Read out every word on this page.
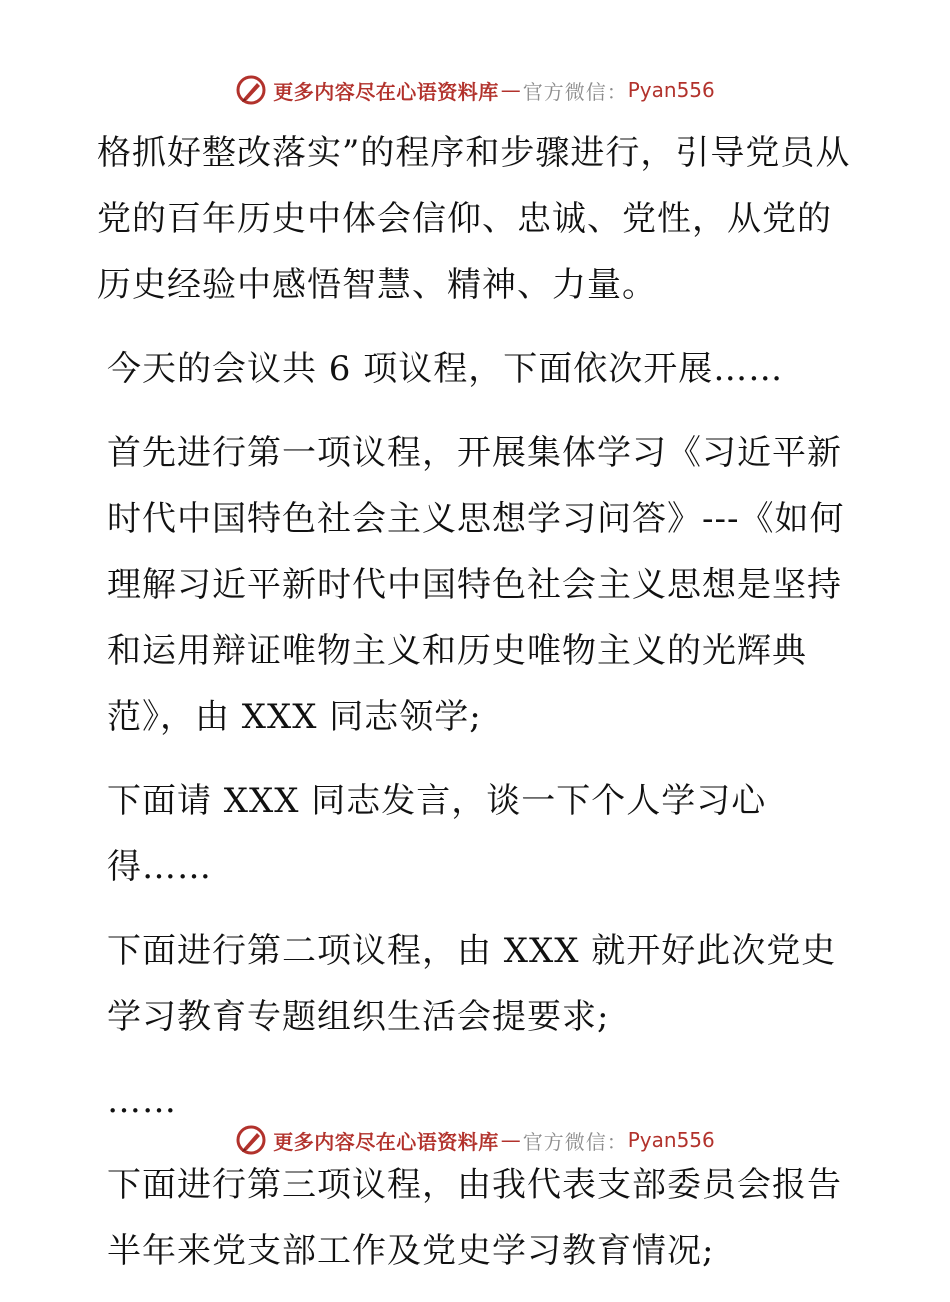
更多内容尽在心语资料库 — 官方微信： Pyan556

格抓好整改落实”的程序和步骤进行，引导党员从党的百年历史中体会信仰、忠诚、党性，从党的历史经验中感悟智慧、精神、力量。

今天的会议共 6 项议程，下面依次开展……

首先进行第一项议程，开展集体学习《习近平新时代中国特色社会主义思想学习问答》---《如何理解习近平新时代中国特色社会主义思想是坚持和运用辩证唯物主义和历史唯物主义的光辉典范》，由 XXX 同志领学;

下面请 XXX 同志发言，谈一下个人学习心得……

下面进行第二项议程，由 XXX 就开好此次党史学习教育专题组织生活会提要求;

……

下面进行第三项议程，由我代表支部委员会报告半年来党支部工作及党史学习教育情况;

更多内容尽在心语资料库 — 官方微信： Pyan556
